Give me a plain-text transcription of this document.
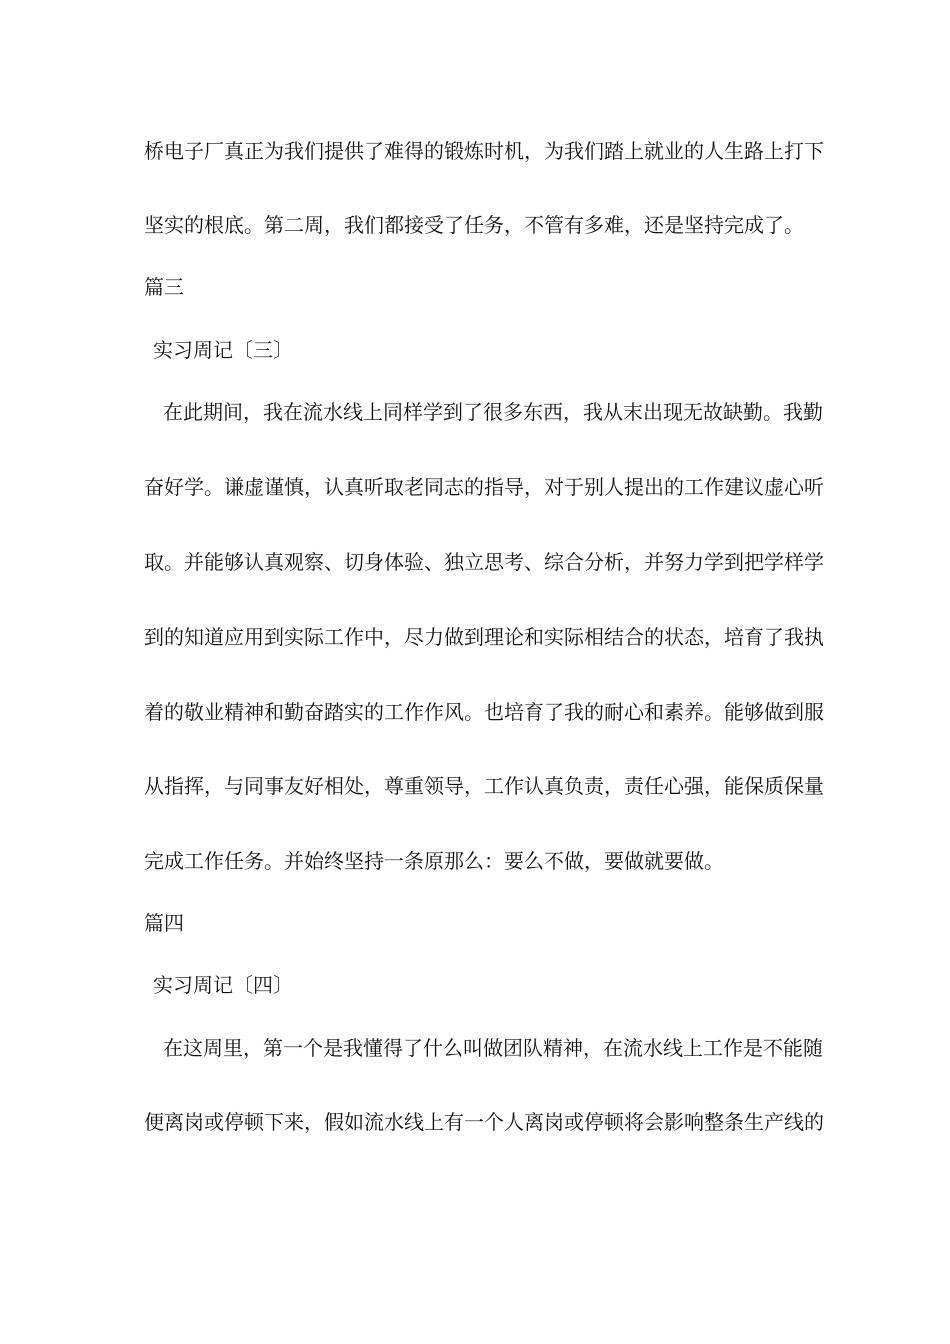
桥电子厂真正为我们提供了难得的锻炼时机，为我们踏上就业的人生路上打下
坚实的根底。第二周，我们都接受了任务，不管有多难，还是坚持完成了。
篇三
实习周记〔三〕
在此期间，我在流水线上同样学到了很多东西，我从末出现无故缺勤。我勤
奋好学。谦虚谨慎，认真听取老同志的指导，对于别人提出的工作建议虚心听
取。并能够认真观察、切身体验、独立思考、综合分析，并努力学到把学样学
到的知道应用到实际工作中，尽力做到理论和实际相结合的状态，培育了我执
着的敬业精神和勤奋踏实的工作作风。也培育了我的耐心和素养。能够做到服
从指挥，与同事友好相处，尊重领导，工作认真负责，责任心强，能保质保量
完成工作任务。并始终坚持一条原那么：要么不做，要做就要做。
篇四
实习周记〔四〕
在这周里，第一个是我懂得了什么叫做团队精神，在流水线上工作是不能随
便离岗或停顿下来，假如流水线上有一个人离岗或停顿将会影响整条生产线的
